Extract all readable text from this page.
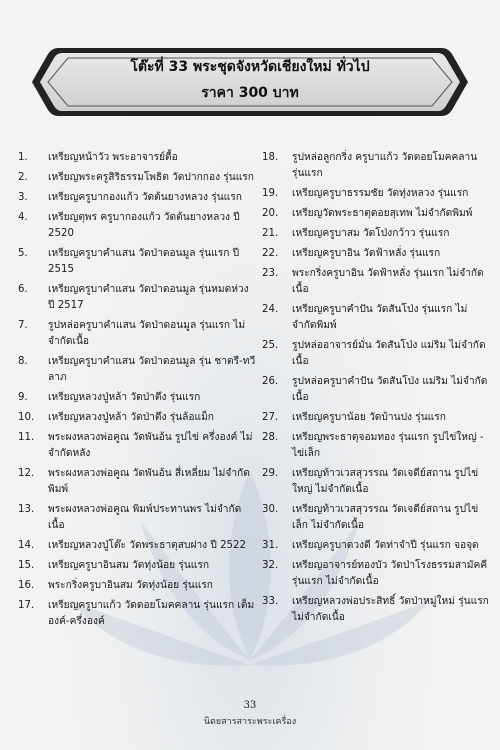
โต๊ะที่ 33 พระชุดจังหวัดเชียงใหม่ ทั่วไป
ราคา 300 บาท
1.	เหรียญหน้าวัว พระอาจารย์ตื้อ
2.	เหรียญพระครูสิริธรรมโพธิต วัดปากกอง รุ่นแรก
3.	เหรียญครูบากองแก้ว วัดต้นยางหลวง รุ่นแรก
4.	เหรียญตุพร ครูบากองแก้ว วัดต้นยางหลวง ปี 2520
5.	เหรียญครูบาคำแสน วัดป่าดอนมูล รุ่นแรก ปี 2515
6.	เหรียญครูบาคำแสน วัดป่าดอนมูล รุ่นหมดห่วง ปี 2517
7.	รูปหล่อครูบาคำแสน วัดป่าดอนมูล รุ่นแรก ไม่จำกัดเนื้อ
8.	เหรียญครูบาคำแสน วัดป่าดอนมูล รุ่น ชาตรี-ทวีลาภ
9.	เหรียญหลวงปู่หล้า วัดป่าตึง รุ่นแรก
10.	เหรียญหลวงปู่หล้า วัดป่าตึง รุ่นล้อแม็ก
11.	พระผงหลวงพ่อคูณ วัดพันอ้น รูปไข่ ครึ่งองค์ ไม่จำกัดหลัง
12.	พระผงหลวงพ่อคูณ วัดพันอ้น สี่เหลี่ยม ไม่จำกัดพิมพ์
13.	พระผงหลวงพ่อคูณ พิมพ์ประทานพร ไม่จำกัดเนื้อ
14.	เหรียญหลวงปู่โต๊ะ วัดพระธาตุสบฝาง ปี 2522
15.	เหรียญครูบาอินสม วัดทุ่งน้อย รุ่นแรก
16.	พระกริ่งครูบาอินสม วัดทุ่งน้อย รุ่นแรก
17.	เหรียญครูบาแก้ว วัดดอยโมคคลาน รุ่นแรก เต็มองค์-ครึ่งองค์
18.	รูปหล่อลูกกริ่ง ครูบาแก้ว วัดดอยโมคคลาน รุ่นแรก
19.	เหรียญครูบาธรรมชัย วัดทุ่งหลวง รุ่นแรก
20.	เหรียญวัดพระธาตุดอยสุเทพ ไม่จำกัดพิมพ์
21.	เหรียญครูบาสม วัดโป่งกว้าว รุ่นแรก
22.	เหรียญครูบาอิน วัดฟ้าหลั่ง รุ่นแรก
23.	พระกริ่งครูบาอิน วัดฟ้าหลั่ง รุ่นแรก ไม่จำกัดเนื้อ
24.	เหรียญครูบาคำปัน วัดสันโป่ง รุ่นแรก ไม่จำกัดพิมพ์
25.	รูปหล่ออาจารย์มั่น วัดสันโป่ง แม่ริม ไม่จำกัดเนื้อ
26.	รูปหล่อครูบาคำปัน วัดสันโป่ง แม่ริม ไม่จำกัดเนื้อ
27.	เหรียญครูบาน้อย วัดบ้านปง รุ่นแรก
28.	เหรียญพระธาตุจอมทอง รุ่นแรก รูปไข่ใหญ่ - ไข่เล็ก
29.	เหรียญท้าวเวสสุวรรณ วัดเจดีย์สถาน รูปไข่ใหญ่ ไม่จำกัดเนื้อ
30.	เหรียญท้าวเวสสุวรรณ วัดเจดีย์สถาน รูปไข่เล็ก ไม่จำกัดเนื้อ
31.	เหรียญครูบาดวงดี วัดท่าจำปี รุ่นแรก จอจุด
32.	เหรียญอาจารย์ทองบัว วัดป่าโรงธรรมสามัคคี รุ่นแรก ไม่จำกัดเนื้อ
33.	เหรียญหลวงพ่อประสิทธิ์ วัดป่าหมู่ใหม่ รุ่นแรก ไม่จำกัดเนื้อ
33
นิตยสารสาระพระเครื่อง
